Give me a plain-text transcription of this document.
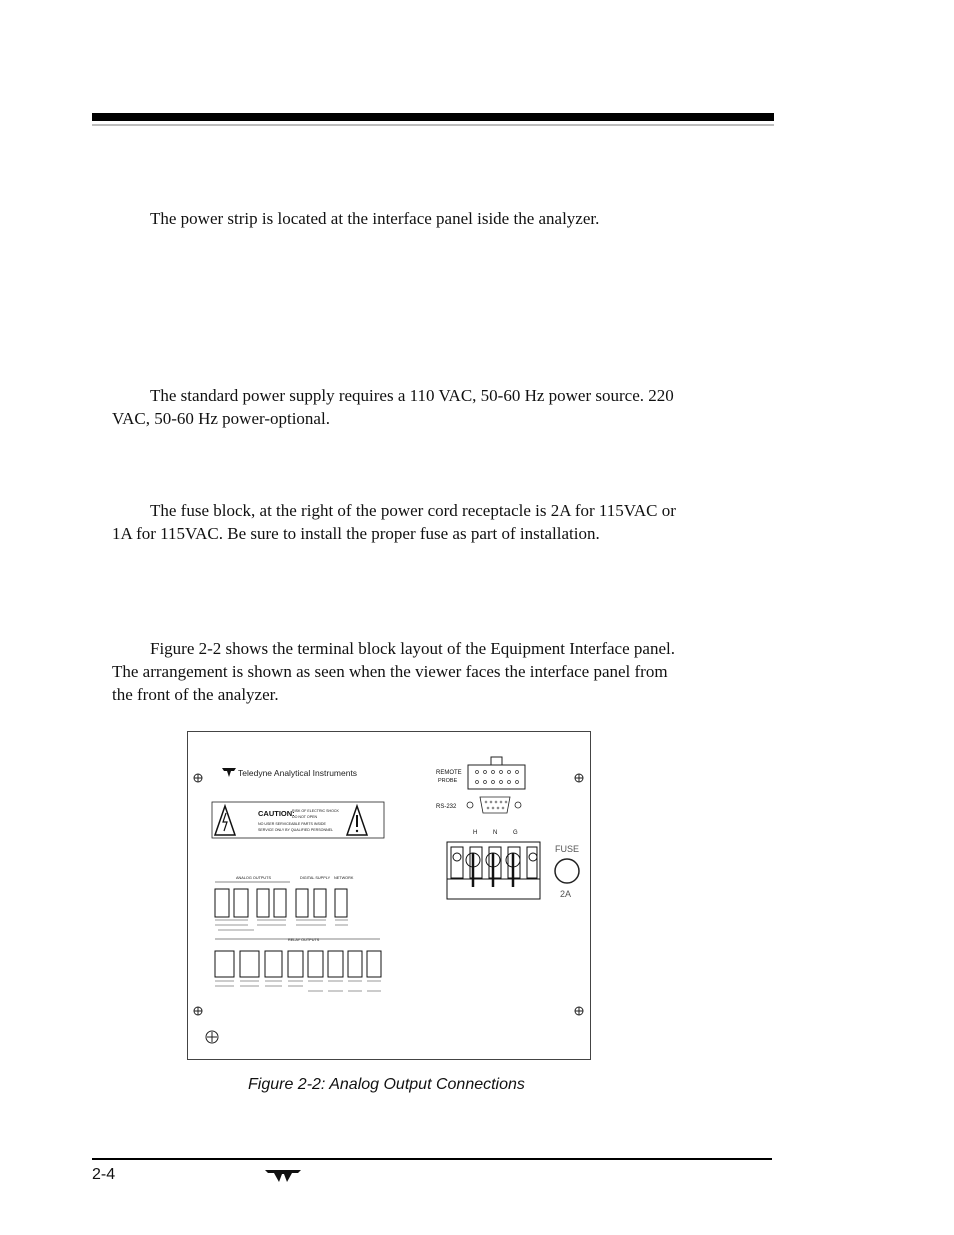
The power strip is located at the interface panel iside the analyzer.

The standard power supply requires a 110 VAC, 50-60 Hz power source. 220 VAC, 50-60 Hz power-optional.

The fuse block, at the right of the power cord receptacle is 2A for 115VAC or 1A for 115VAC. Be sure to install the proper fuse as part of installation.

Figure 2-2 shows the terminal block layout of the Equipment Interface panel. The arrangement is shown as seen when the viewer faces the interface panel from the front of the analyzer.

Teledyne Analytical Instruments
CAUTION:
RISK OF ELECTRIC SHOCK
DO NOT OPEN
NO USER SERVICEABLE PARTS INSIDE
SERVICE ONLY BY QUALIFIED PERSONNEL
REMOTE
PROBE
RS-232
H	N	G
FUSE
2A
ANALOG OUTPUTS	DIGITAL SUPPLY NETWORK
RELAY OUTPUTS
Figure 2-2: Analog Output Connections
2-4
